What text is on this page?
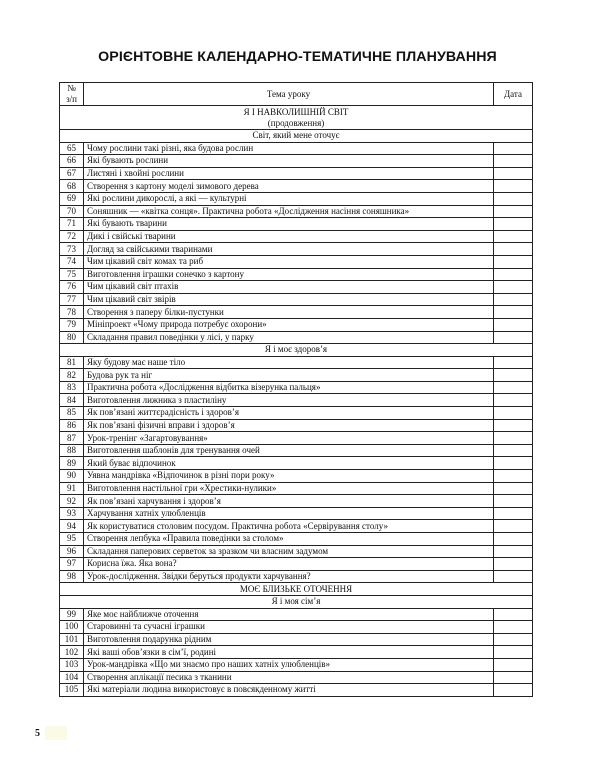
ОРІЄНТОВНЕ КАЛЕНДАРНО-ТЕМАТИЧНЕ ПЛАНУВАННЯ
№
з/п	Тема уроку	Дата
Я І НАВКОЛИШНІЙ СВІТ
(продовження)		
Світ, який мене оточує		
65	Чому рослини такі різні, яка будова рослин	
66	Які бувають рослини	
67	Листяні і хвойні рослини	
68	Створення з картону моделі зимового дерева	
69	Які рослини дикорослі, а які — культурні	
70	Соняшник — «квітка сонця». Практична робота «Дослідження насіння соняшника»	
71	Які бувають тварини	
72	Дикі і свійські тварини	
73	Догляд за свійськими тваринами	
74	Чим цікавий світ комах та риб	
75	Виготовлення іграшки сонечко з картону	
76	Чим цікавий світ птахів	
77	Чим цікавий світ звірів	
78	Створення з паперу білки-пустунки	
79	Мініпроект «Чому природа потребує охорони»	
80	Складання правил поведінки у лісі, у парку	
Я і моє здоров’я		
81	Яку будову має наше тіло	
82	Будова рук та ніг	
83	Практична робота «Дослідження відбитка візерунка пальця»	
84	Виготовлення лижника з пластиліну	
85	Як пов’язані життєрадісність і здоров’я	
86	Як пов’язані фізичні вправи і здоров’я	
87	Урок-тренінг «Загартовування»	
88	Виготовлення шаблонів для тренування очей	
89	Який буває відпочинок	
90	Уявна мандрівка «Відпочинок в різні пори року»	
91	Виготовлення настільної гри «Хрестики-нулики»	
92	Як пов’язані харчування і здоров’я	
93	Харчування хатніх улюбленців	
94	Як користуватися столовим посудом. Практична робота «Сервірування столу»	
95	Створення лепбука «Правила поведінки за столом»	
96	Складання паперових серветок за зразком чи власним задумом	
97	Корисна їжа. Яка вона?	
98	Урок-дослідження. Звідки беруться продукти харчування?	
МОЄ БЛИЗЬКЕ ОТОЧЕННЯ		
Я і моя сім’я		
99	Яке моє найближче оточення	
100	Старовинні та сучасні іграшки	
101	Виготовлення подарунка рідним	
102	Які ваші обов’язки в сім’ї, родині	
103	Урок-мандрівка «Що ми знаємо про наших хатніх улюбленців»	
104	Створення аплікації песика з тканини	
105	Які матеріали людина використовує в повсякденному житті	
5
